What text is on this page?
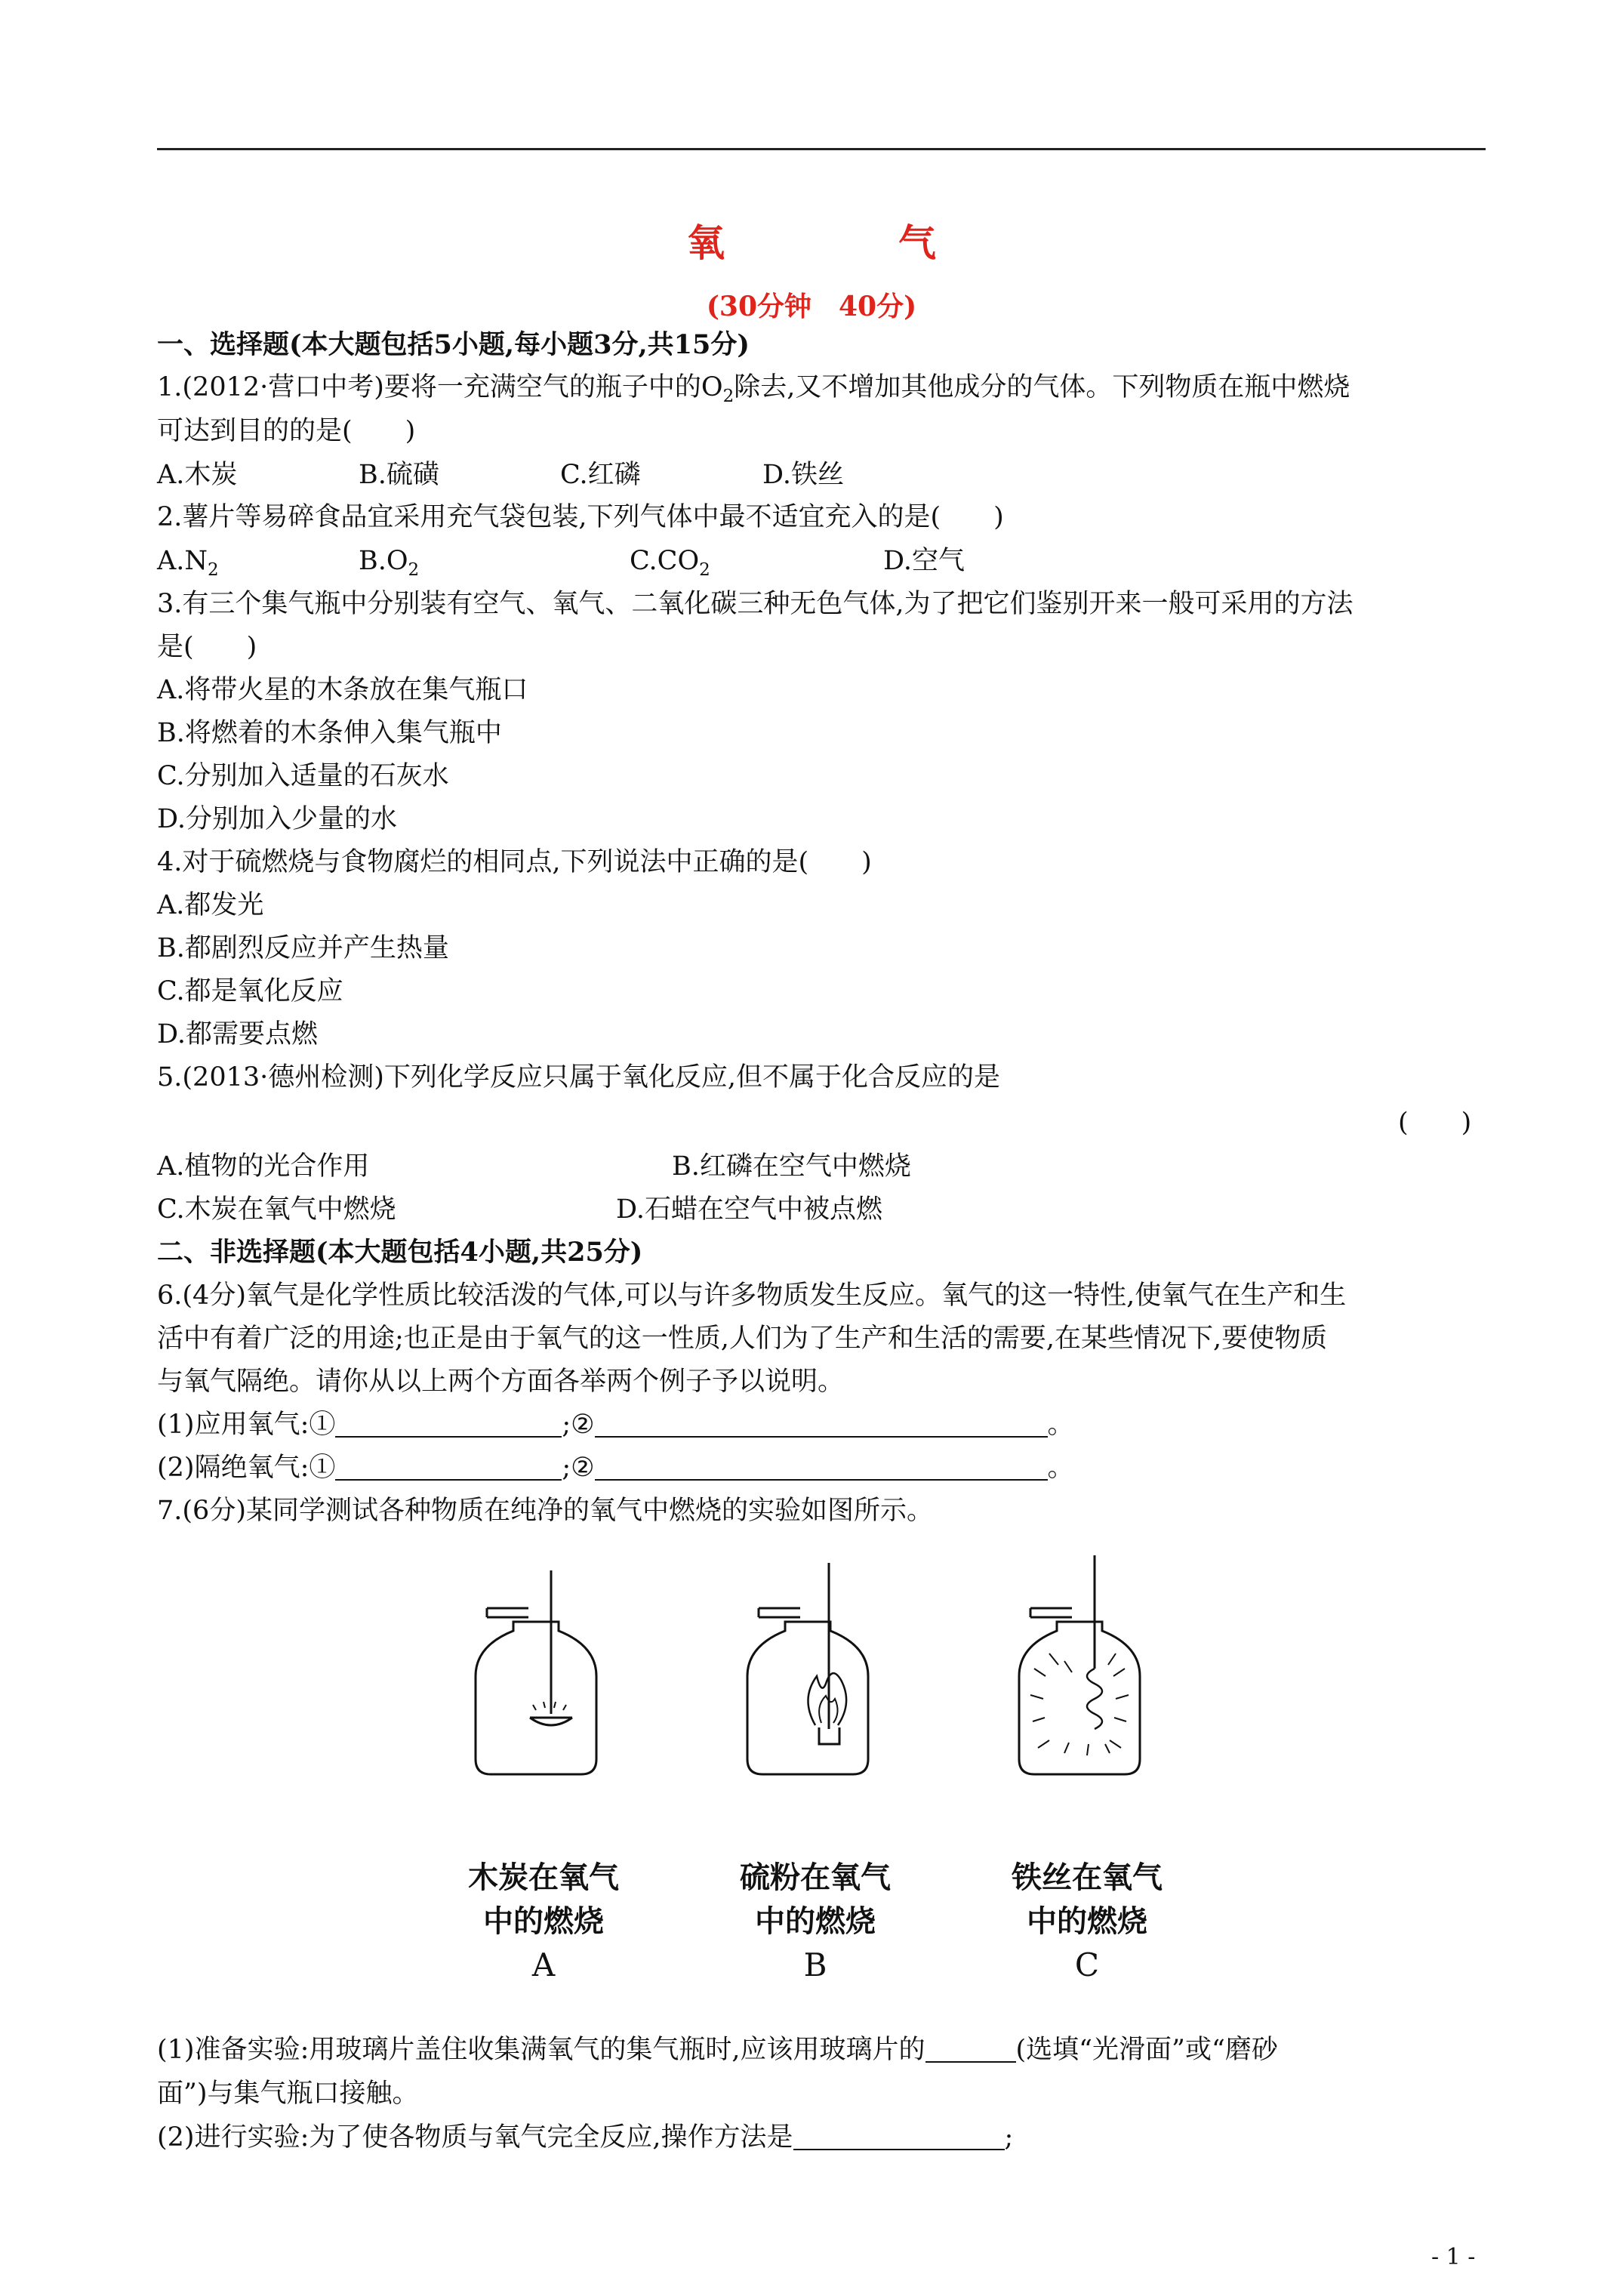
氧　气
(30分钟　40分)
一、选择题(本大题包括5小题,每小题3分,共15分)
1.(2012·营口中考)要将一充满空气的瓶子中的$O_2$除去,又不增加其他成分的气体。下列物质在瓶中燃烧
可达到目的的是(　　)
A.木炭	B.硫磺	C.红磷	D.铁丝
2.薯片等易碎食品宜采用充气袋包装,下列气体中最不适宜充入的是(　　)
$A.N_2$	$B.O_2$	$C.CO_2$	D.空气
3.有三个集气瓶中分别装有空气、氧气、二氧化碳三种无色气体,为了把它们鉴别开来一般可采用的方法
是(　　)
A.将带火星的木条放在集气瓶口
B.将燃着的木条伸入集气瓶中
C.分别加入适量的石灰水
D.分别加入少量的水
4.对于硫燃烧与食物腐烂的相同点,下列说法中正确的是(　　)
A.都发光
B.都剧烈反应并产生热量
C.都是氧化反应
D.都需要点燃
5.(2013·德州检测)下列化学反应只属于氧化反应,但不属于化合反应的是
(　　)
A.植物的光合作用	B.红磷在空气中燃烧
C.木炭在氧气中燃烧	D.石蜡在空气中被点燃
二、非选择题(本大题包括4小题,共25分)
6.(4分)氧气是化学性质比较活泼的气体,可以与许多物质发生反应。氧气的这一特性,使氧气在生产和生
活中有着广泛的用途;也正是由于氧气的这一性质,人们为了生产和生活的需要,在某些情况下,要使物质
与氧气隔绝。请你从以上两个方面各举两个例子予以说明。
(1)应用氧气:①	;②	。
(2)隔绝氧气:①	;②	。
7.(6分)某同学测试各种物质在纯净的氧气中燃烧的实验如图所示。
木炭在氧气
中的燃烧
硫粉在氧气
中的燃烧
铁丝在氧气
中的燃烧
A	B	C
(1)准备实验:用玻璃片盖住收集满氧气的集气瓶时,应该用玻璃片的	(选填“光滑面”或“磨砂
面”)与集气瓶口接触。
(2)进行实验:为了使各物质与氧气完全反应,操作方法是	;
- 1 -
